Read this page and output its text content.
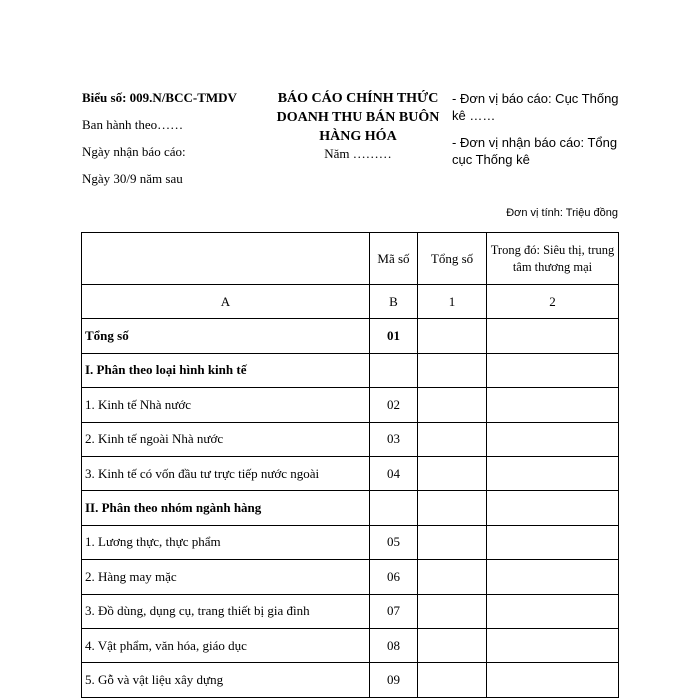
Biểu số: 009.N/BCC-TMDV
Ban hành theo……
Ngày nhận báo cáo:
Ngày 30/9 năm sau
BÁO CÁO CHÍNH THỨC
DOANH THU BÁN BUÔN
HÀNG HÓA
Năm ………
- Đơn vị báo cáo: Cục Thống kê ……
- Đơn vị nhận báo cáo: Tổng cục Thống kê
Đơn vị tính: Triệu đồng
	Mã số	Tổng số	Trong đó: Siêu thị, trung tâm thương mại
A	B	1	2
Tổng số	01		
I. Phân theo loại hình kinh tế			
1. Kinh tế Nhà nước	02		
2. Kinh tế ngoài Nhà nước	03		
3. Kinh tế có vốn đầu tư trực tiếp nước ngoài	04		
II. Phân theo nhóm ngành hàng			
1. Lương thực, thực phẩm	05		
2. Hàng may mặc	06		
3. Đồ dùng, dụng cụ, trang thiết bị gia đình	07		
4. Vật phẩm, văn hóa, giáo dục	08		
5. Gỗ và vật liệu xây dựng	09		
